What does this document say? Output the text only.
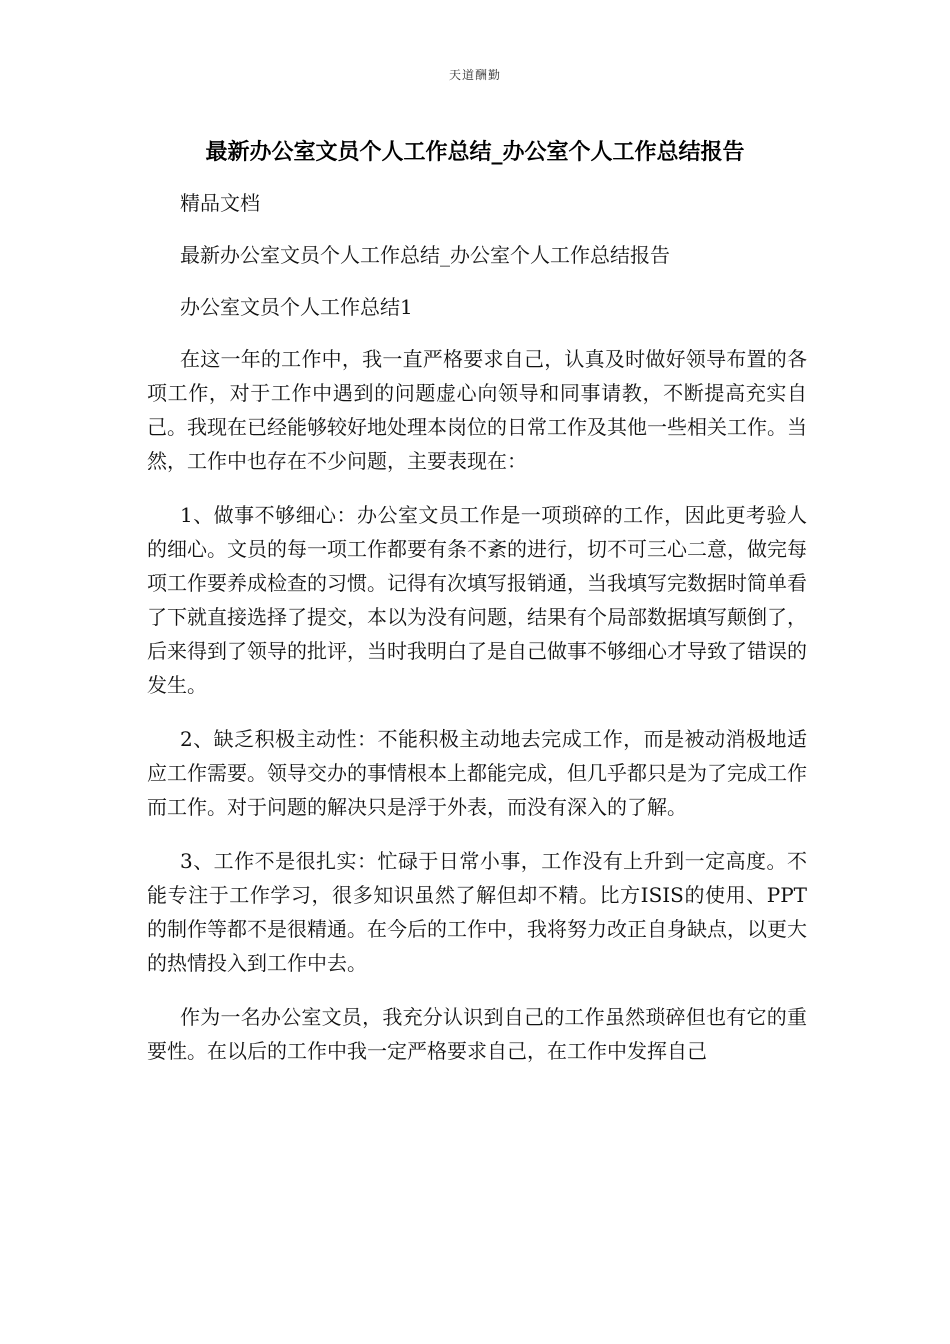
天道酬勤
最新办公室文员个人工作总结_办公室个人工作总结报告

精品文档

最新办公室文员个人工作总结_办公室个人工作总结报告

办公室文员个人工作总结1

在这一年的工作中，我一直严格要求自己，认真及时做好领导布置的各项工作，对于工作中遇到的问题虚心向领导和同事请教，不断提高充实自己。我现在已经能够较好地处理本岗位的日常工作及其他一些相关工作。当然，工作中也存在不少问题，主要表现在：

1、做事不够细心：办公室文员工作是一项琐碎的工作，因此更考验人的细心。文员的每一项工作都要有条不紊的进行，切不可三心二意，做完每项工作要养成检查的习惯。记得有次填写报销通，当我填写完数据时简单看了下就直接选择了提交，本以为没有问题，结果有个局部数据填写颠倒了，后来得到了领导的批评，当时我明白了是自己做事不够细心才导致了错误的发生。

2、缺乏积极主动性：不能积极主动地去完成工作，而是被动消极地适应工作需要。领导交办的事情根本上都能完成，但几乎都只是为了完成工作而工作。对于问题的解决只是浮于外表，而没有深入的了解。

3、工作不是很扎实：忙碌于日常小事，工作没有上升到一定高度。不能专注于工作学习，很多知识虽然了解但却不精。比方ISIS的使用、PPT的制作等都不是很精通。在今后的工作中，我将努力改正自身缺点，以更大的热情投入到工作中去。

作为一名办公室文员，我充分认识到自己的工作虽然琐碎但也有它的重要性。在以后的工作中我一定严格要求自己，在工作中发挥自己
